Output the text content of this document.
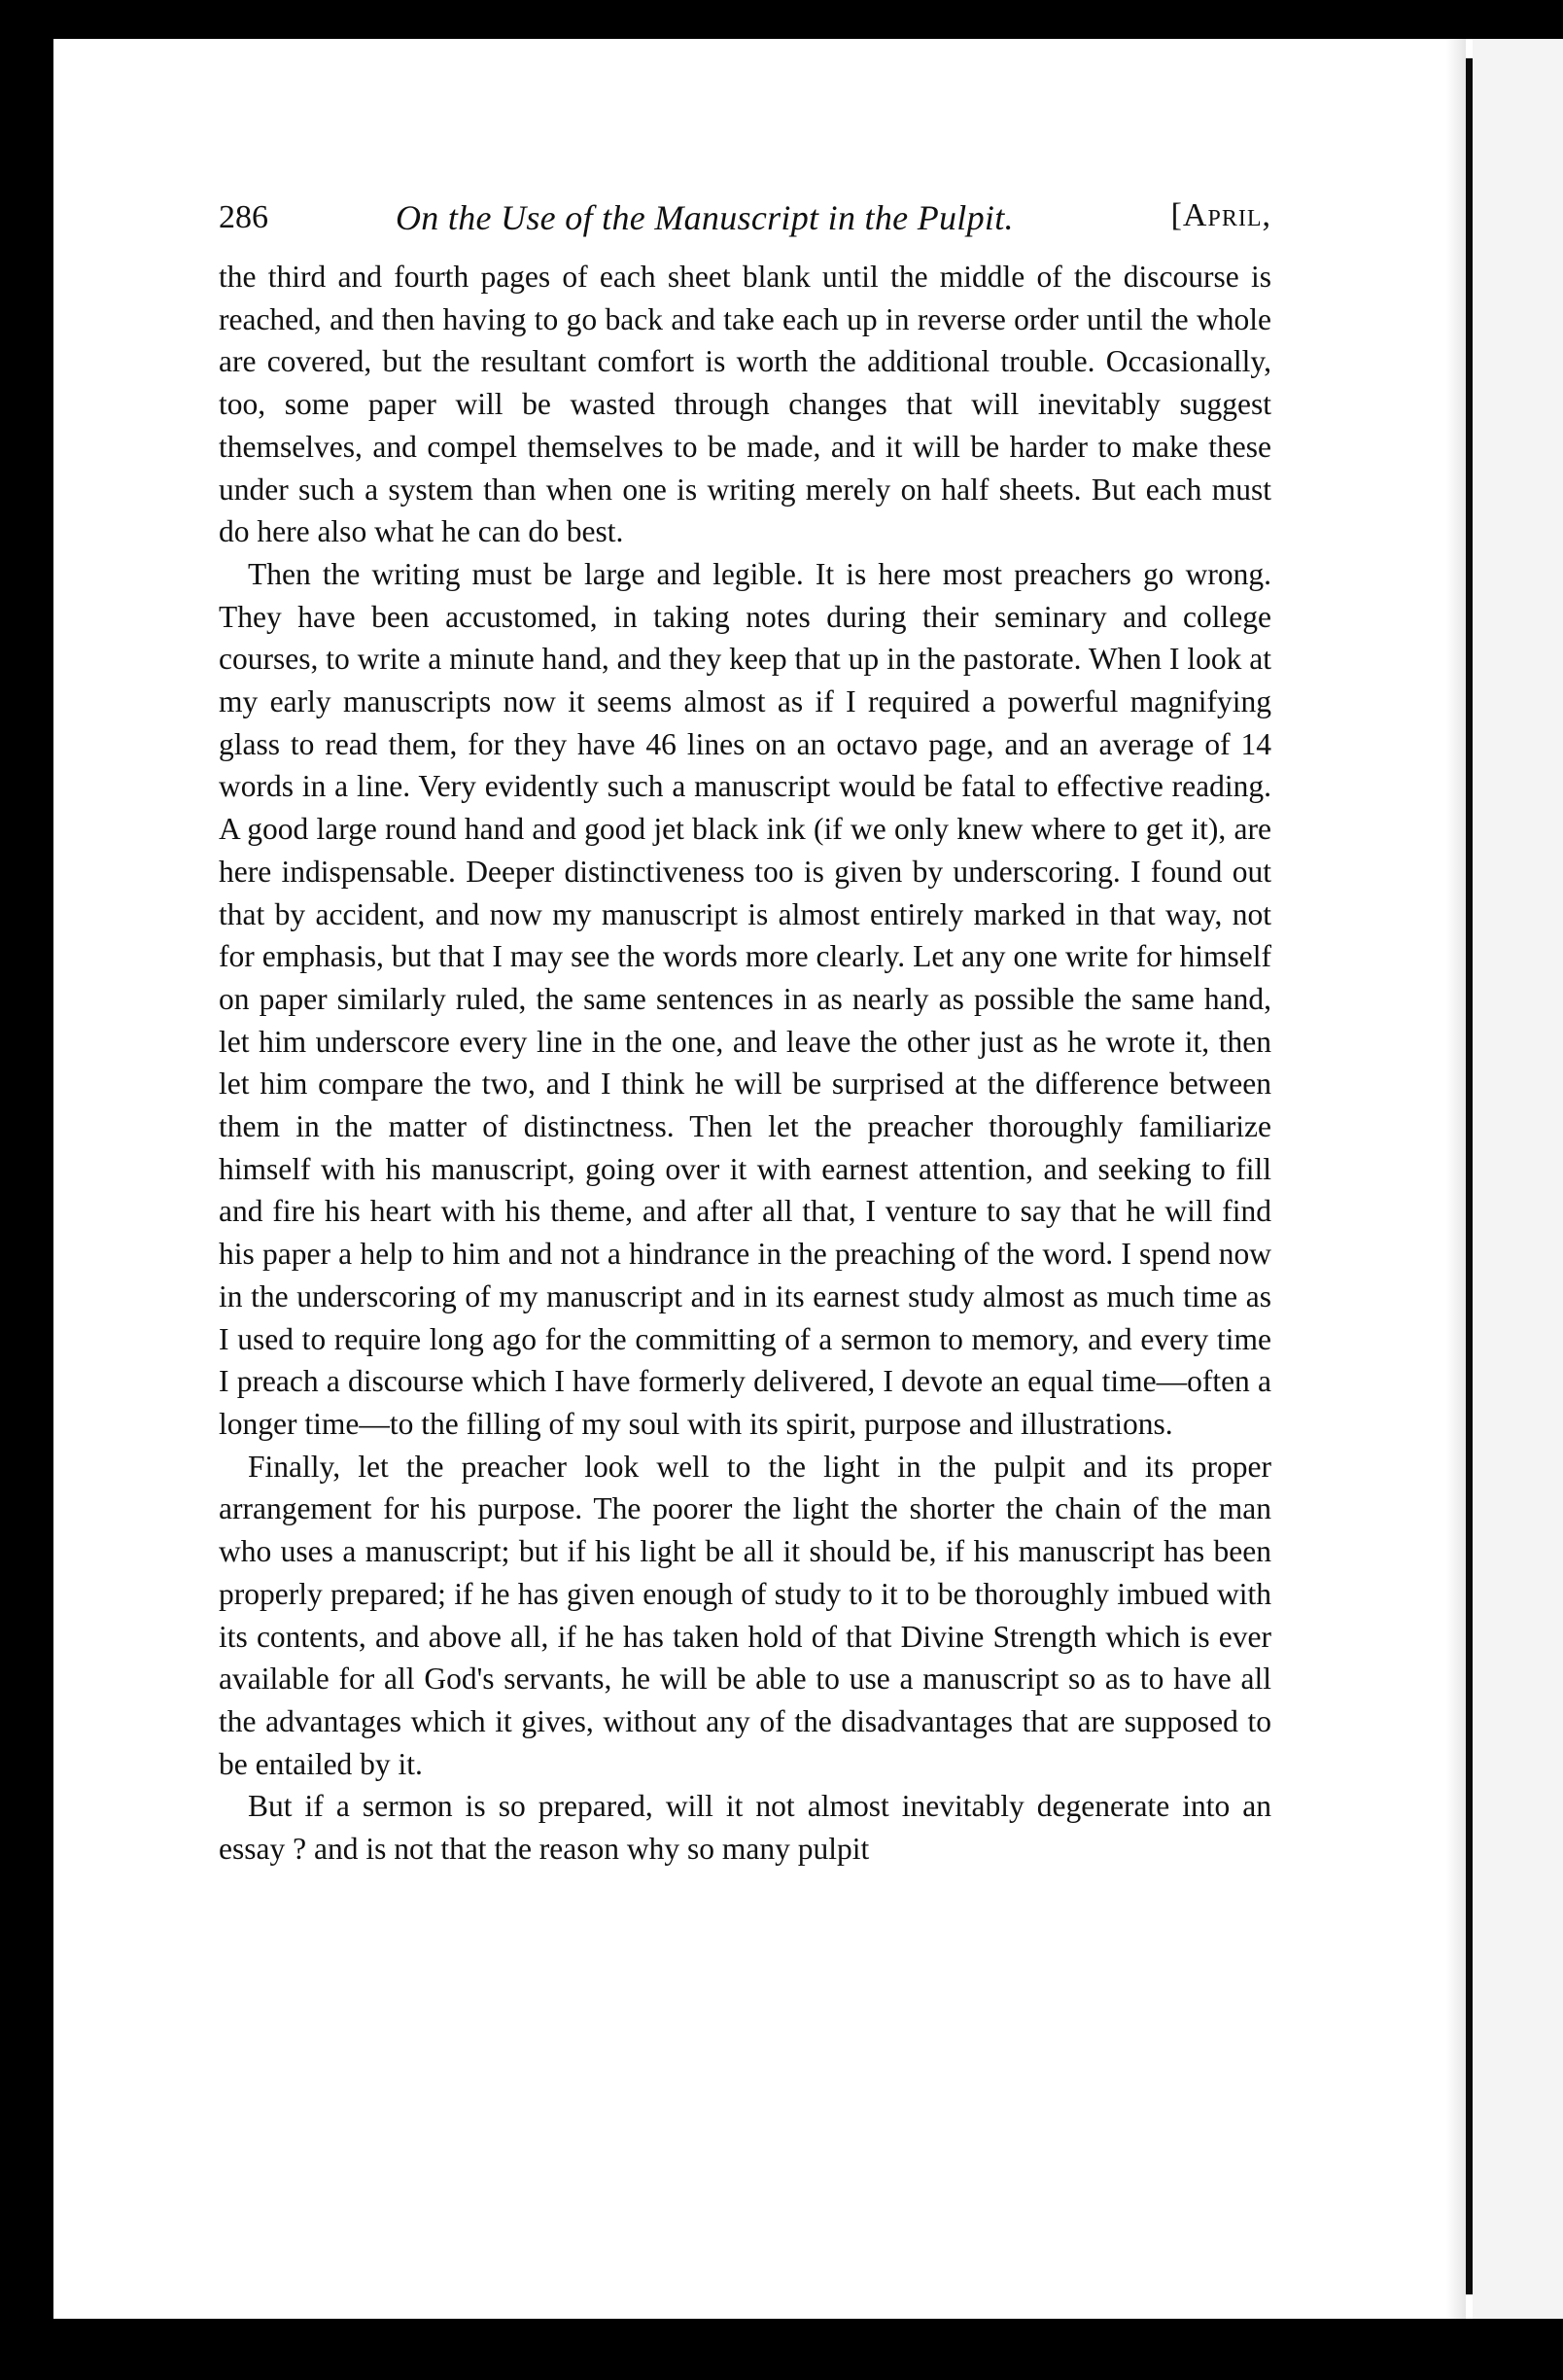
286	On the Use of the Manuscript in the Pulpit.	[April,

the third and fourth pages of each sheet blank until the middle of the discourse is reached, and then having to go back and take each up in reverse order until the whole are covered, but the resultant comfort is worth the additional trouble. Occasionally, too, some paper will be wasted through changes that will inevitably suggest themselves, and compel themselves to be made, and it will be harder to make these under such a system than when one is writing merely on half sheets. But each must do here also what he can do best.

Then the writing must be large and legible. It is here most preachers go wrong. They have been accustomed, in taking notes during their seminary and college courses, to write a minute hand, and they keep that up in the pastorate. When I look at my early manuscripts now it seems almost as if I required a powerful magnifying glass to read them, for they have 46 lines on an octavo page, and an average of 14 words in a line. Very evidently such a manuscript would be fatal to effective reading. A good large round hand and good jet black ink (if we only knew where to get it), are here indispensable. Deeper distinctiveness too is given by underscoring. I found out that by accident, and now my manuscript is almost entirely marked in that way, not for emphasis, but that I may see the words more clearly. Let any one write for himself on paper similarly ruled, the same sentences in as nearly as possible the same hand, let him underscore every line in the one, and leave the other just as he wrote it, then let him compare the two, and I think he will be surprised at the difference between them in the matter of distinctness. Then let the preacher thoroughly familiarize himself with his manuscript, going over it with earnest attention, and seeking to fill and fire his heart with his theme, and after all that, I venture to say that he will find his paper a help to him and not a hindrance in the preaching of the word. I spend now in the underscoring of my manuscript and in its earnest study almost as much time as I used to require long ago for the committing of a sermon to memory, and every time I preach a discourse which I have formerly delivered, I devote an equal time—often a longer time—to the filling of my soul with its spirit, purpose and illustrations.

Finally, let the preacher look well to the light in the pulpit and its proper arrangement for his purpose. The poorer the light the shorter the chain of the man who uses a manuscript; but if his light be all it should be, if his manuscript has been properly prepared; if he has given enough of study to it to be thoroughly imbued with its contents, and above all, if he has taken hold of that Divine Strength which is ever available for all God's servants, he will be able to use a manuscript so as to have all the advantages which it gives, without any of the disadvantages that are supposed to be entailed by it.

But if a sermon is so prepared, will it not almost inevitably degenerate into an essay ? and is not that the reason why so many pulpit
